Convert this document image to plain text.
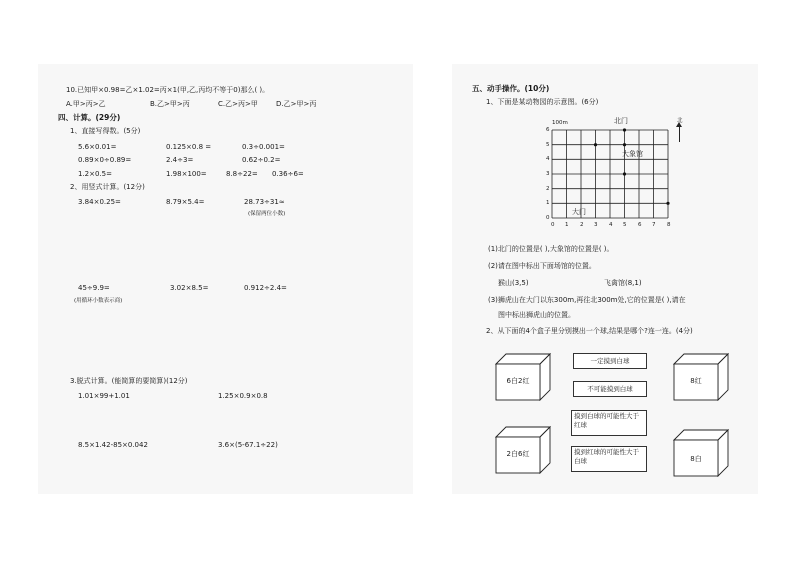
10.已知甲×0.98=乙×1.02=丙×1(甲,乙,丙均不等于0)那么( )。
A.甲>丙>乙	B.乙>甲>丙	C.乙>丙>甲	D.乙>甲>丙
四、计算。(29分)
1、直接写得数。(5分)
5.6×0.01=	0.125×0.8 =	0.3÷0.001=
0.89×0÷0.89=	2.4÷3=	0.62÷0.2=
1.2×0.5=	1.98×100=	8.8÷22= 0.36÷6=
2、用竖式计算。(12分)
3.84×0.25=	8.79×5.4=	28.73÷31≈
(保留两位小数)
45÷9.9=	3.02×8.5=	0.912÷2.4=
(用循环小数表示商)
3.脱式计算。(能简算的要简算)(12分)
1.01×99+1.01	1.25×0.9×0.8
8.5×1.42-85×0.042	3.6×(5-67.1÷22)
五、动手操作。(10分)
1、下面是某动物园的示意图。(6分)
100m	北门
大象馆
大门
北
0
1
2
3
4
5
6
0 1 2 3 4 5 6 7 8
(1)北门的位置是( ),大象馆的位置是( )。
(2)请在图中标出下面场馆的位置。
猴山(3,5)	飞禽馆(8,1)
(3)狮虎山在大门以东300m,再往北300m处,它的位置是( ),请在
图中标出狮虎山的位置。
2、从下面的4个盒子里分别摸出一个球,结果是哪个?连一连。(4分)
6白2红	8红
2白6红
8白
一定摸到白球
不可能摸到白球
摸到白球的可能性大于红球
摸到红球的可能性大于白球
